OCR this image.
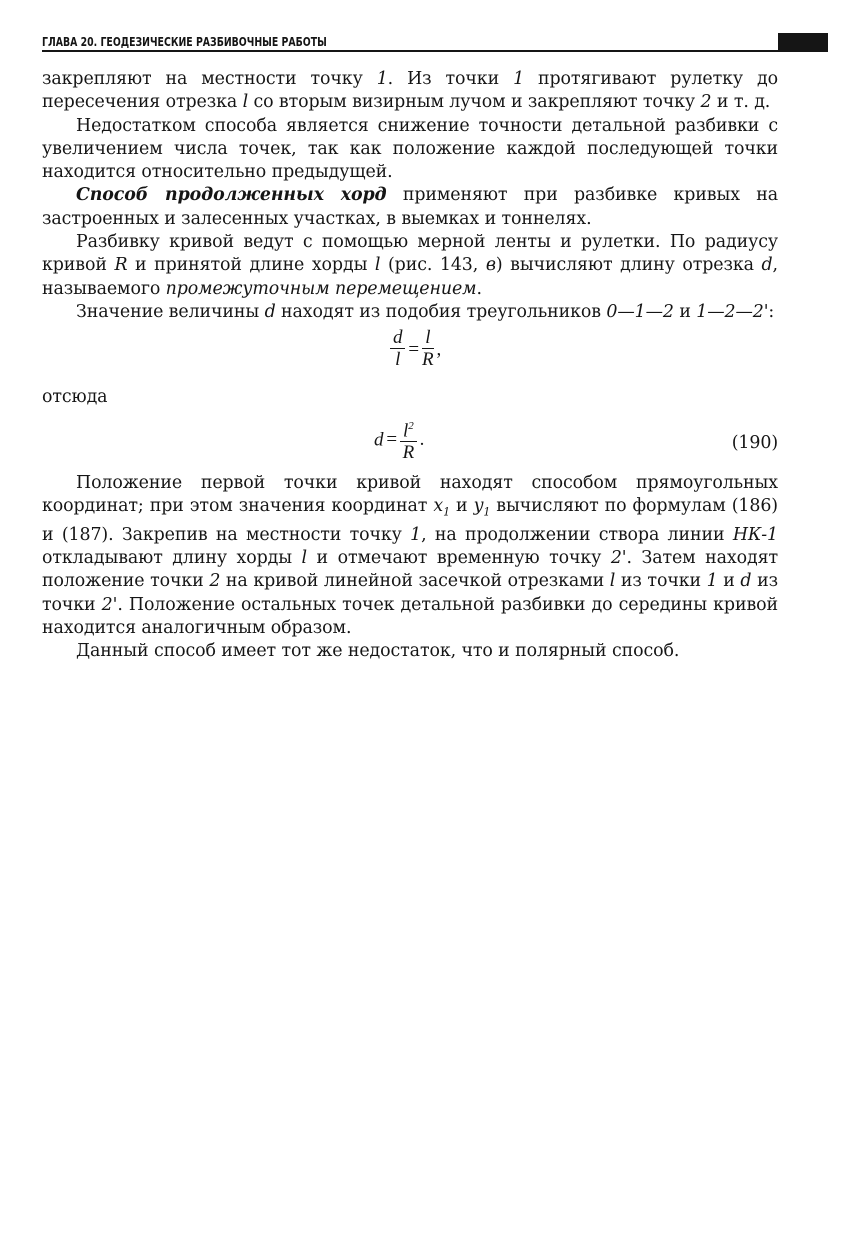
ГЛАВА 20. ГЕОДЕЗИЧЕСКИЕ РАЗБИВОЧНЫЕ РАБОТЫ

закрепляют на местности точку 1. Из точки 1 протягивают рулетку до пересечения отрезка l со вторым визирным лучом и закрепляют точку 2 и т. д.

Недостатком способа является снижение точности детальной разбивки с увеличением числа точек, так как положение каждой последующей точки находится относительно предыдущей.

Способ продолженных хорд применяют при разбивке кривых на застроенных и залесенных участках, в выемках и тоннелях.

Разбивку кривой ведут с помощью мерной ленты и рулетки. По радиусу кривой R и принятой длине хорды l (рис. 143, в) вычисляют длину отрезка d, называемого промежуточным перемещением.

Значение величины d находят из подобия треугольников 0—1—2 и 1—2—2':

$\frac{d}{l} = \frac{l}{R}$ ,

отсюда

$d = \frac{l^2}{R}$ .	(190)

Положение первой точки кривой находят способом прямоугольных координат; при этом значения координат $x_1$ и $y_1$ вычисляют по формулам (186) и (187). Закрепив на местности точку 1, на продолжении створа линии НК-1 откладывают длину хорды l и отмечают временную точку 2'. Затем находят положение точки 2 на кривой линейной засечкой отрезками l из точки 1 и d из точки 2'. Положение остальных точек детальной разбивки до середины кривой находится аналогичным образом.

Данный способ имеет тот же недостаток, что и полярный способ.
